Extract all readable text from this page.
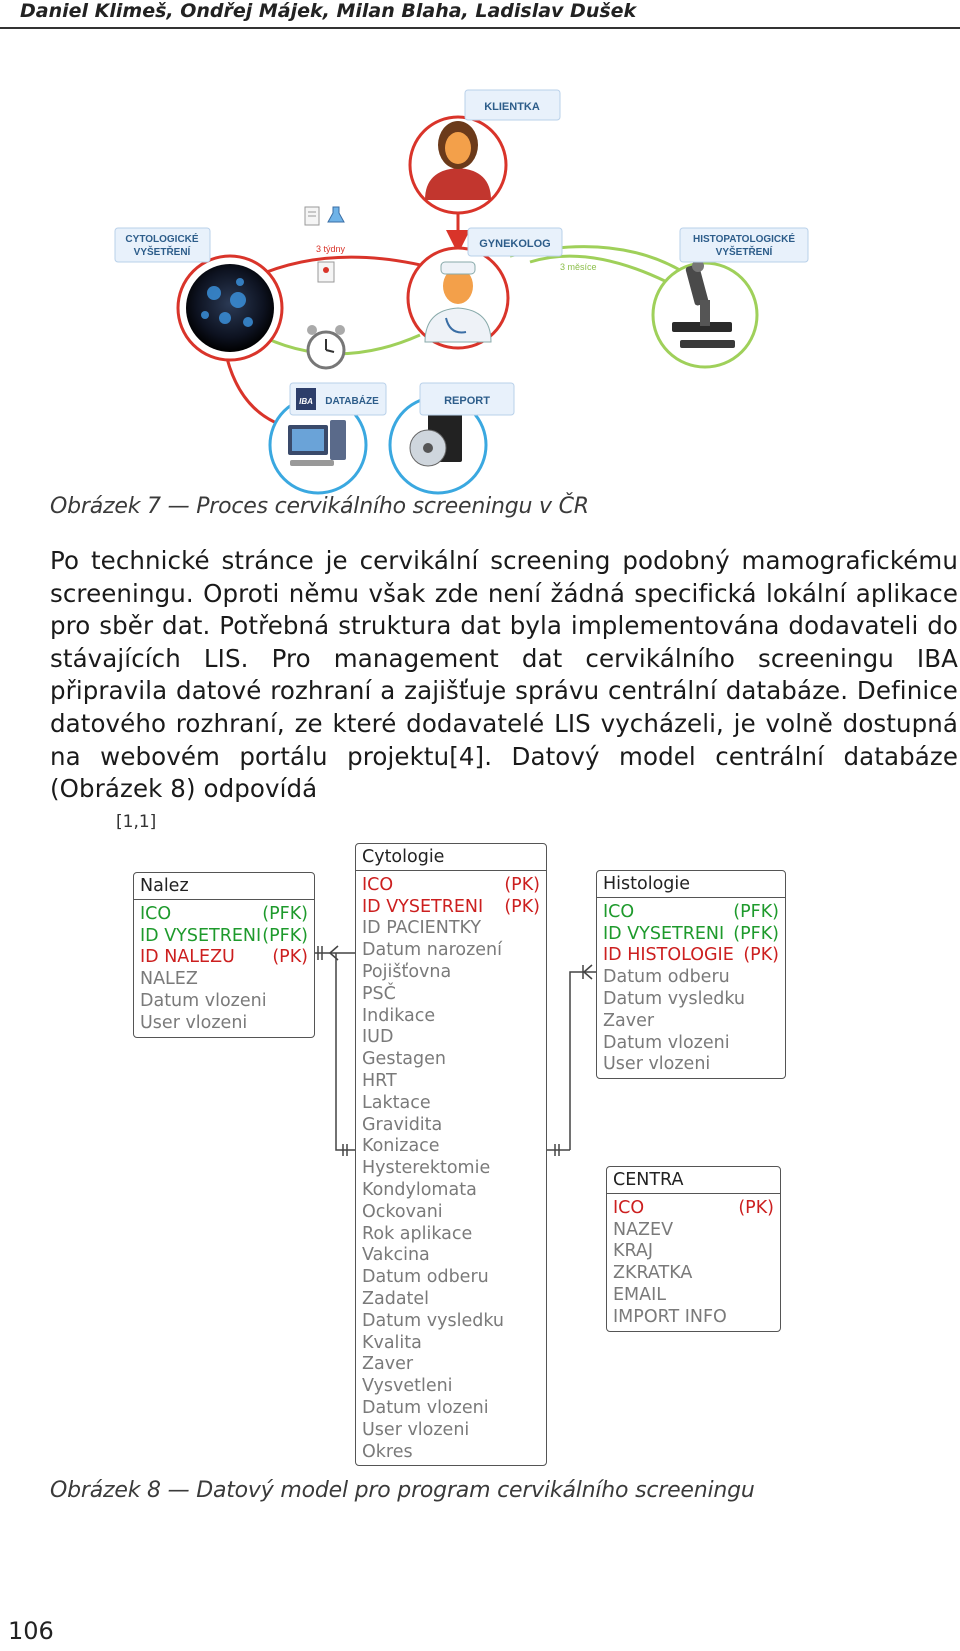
Daniel Klimeš, Ondřej Májek, Milan Blaha, Ladislav Dušek
KLIENTKA
GYNEKOLOG
CYTOLOGICKÉ
VYŠETŘENÍ
HISTOPATOLOGICKÉ
VYŠETŘENÍ
3 týdny
3 měsíce
IBA DATABÁZE	REPORT
Obrázek 7 — Proces cervikálního screeningu v ČR
Po technické stránce je cervikální screening podobný mamografickému screeningu. Oproti němu však zde není žádná specifická lokální aplikace pro sběr dat. Potřebná struktura dat byla implementována dodavateli do stávajících LIS. Pro management dat cervikálního screeningu IBA připravila datové rozhraní a zajišťuje správu centrální databáze. Definice datového rozhraní, ze které dodavatelé LIS vycházeli, je volně dostupná na webovém portálu projektu[4]. Datový model centrální databáze (Obrázek 8) odpovídá
[1,1]
Nalez
ICO	(PFK)
ID VYSETRENI (PFK)
ID NALEZU (PK)
NALEZ
Datum vlozeni
User vlozeni
Cytologie
ICO	(PK)
ID VYSETRENI (PK)
ID PACIENTKY
Datum narození
Pojišťovna
PSČ
Indikace
IUD
Gestagen
HRT
Laktace
Gravidita
Konizace
Hysterektomie
Kondylomata
Ockovani
Rok aplikace
Vakcina
Datum odberu
Zadatel
Datum vysledku
Kvalita
Zaver
Vysvetleni
Datum vlozeni
User vlozeni
Okres
Histologie
ICO	(PFK)
ID VYSETRENI (PFK)
ID HISTOLOGIE (PK)
Datum odberu
Datum vysledku
Zaver
Datum vlozeni
User vlozeni
CENTRA
ICO	(PK)
NAZEV
KRAJ
ZKRATKA
EMAIL
IMPORT INFO
Obrázek 8 — Datový model pro program cervikálního screeningu
106
